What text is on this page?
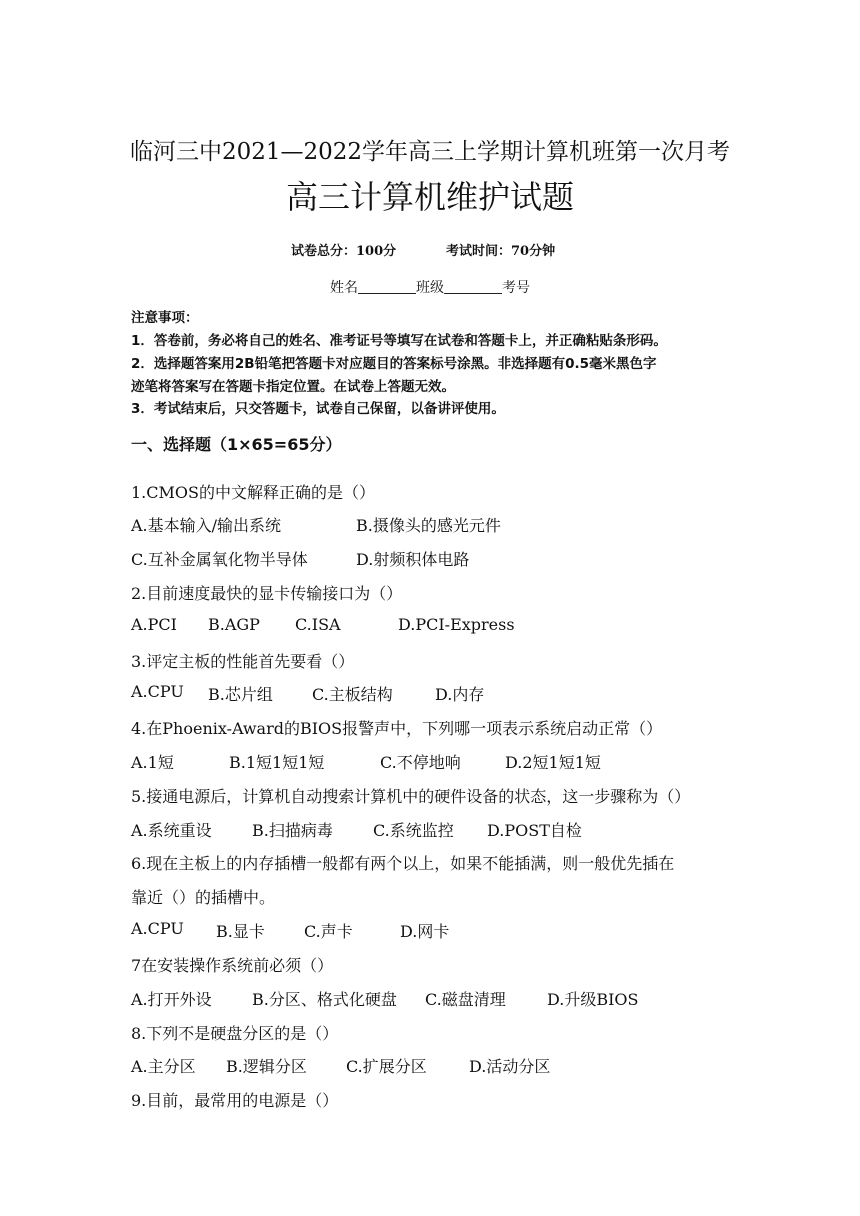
临河三中2021—2022学年高三上学期计算机班第一次月考
高三计算机维护试题
试卷总分：100分	考试时间：70分钟
姓名	班级	考号
注意事项：
1．答卷前，务必将自己的姓名、准考证号等填写在试卷和答题卡上，并正确粘贴条形码。
2．选择题答案用2B铅笔把答题卡对应题目的答案标号涂黑。非选择题有0.5毫米黑色字
迹笔将答案写在答题卡指定位置。在试卷上答题无效。
3．考试结束后，只交答题卡，试卷自己保留，以备讲评使用。
一、选择题（1×65=65分）
1.CMOS的中文解释正确的是（）
A.基本输入/输出系统	B.摄像头的感光元件
C.互补金属氧化物半导体	D.射频积体电路
2.目前速度最快的显卡传输接口为（）
A.PCI B.AGP C.ISA	D.PCI-Express
3.评定主板的性能首先要看（）
A.CPU B.芯片组 C.主板结构	D.内存
4.在Phoenix-Award的BIOS报警声中，下列哪一项表示系统启动正常（）
A.1短	B.1短1短1短	C.不停地响	D.2短1短1短
5.接通电源后，计算机自动搜索计算机中的硬件设备的状态，这一步骤称为（）
A.系统重设	B.扫描病毒	C.系统监控 D.POST自检
6.现在主板上的内存插槽一般都有两个以上，如果不能插满，则一般优先插在
靠近（）的插槽中。
A.CPU B.显卡 C.声卡	D.网卡
7在安装操作系统前必须（）
A.打开外设	B.分区、格式化硬盘 C.磁盘清理	D.升级BIOS
8.下列不是硬盘分区的是（）
A.主分区 B.逻辑分区 C.扩展分区	D.活动分区
9.目前，最常用的电源是（）
